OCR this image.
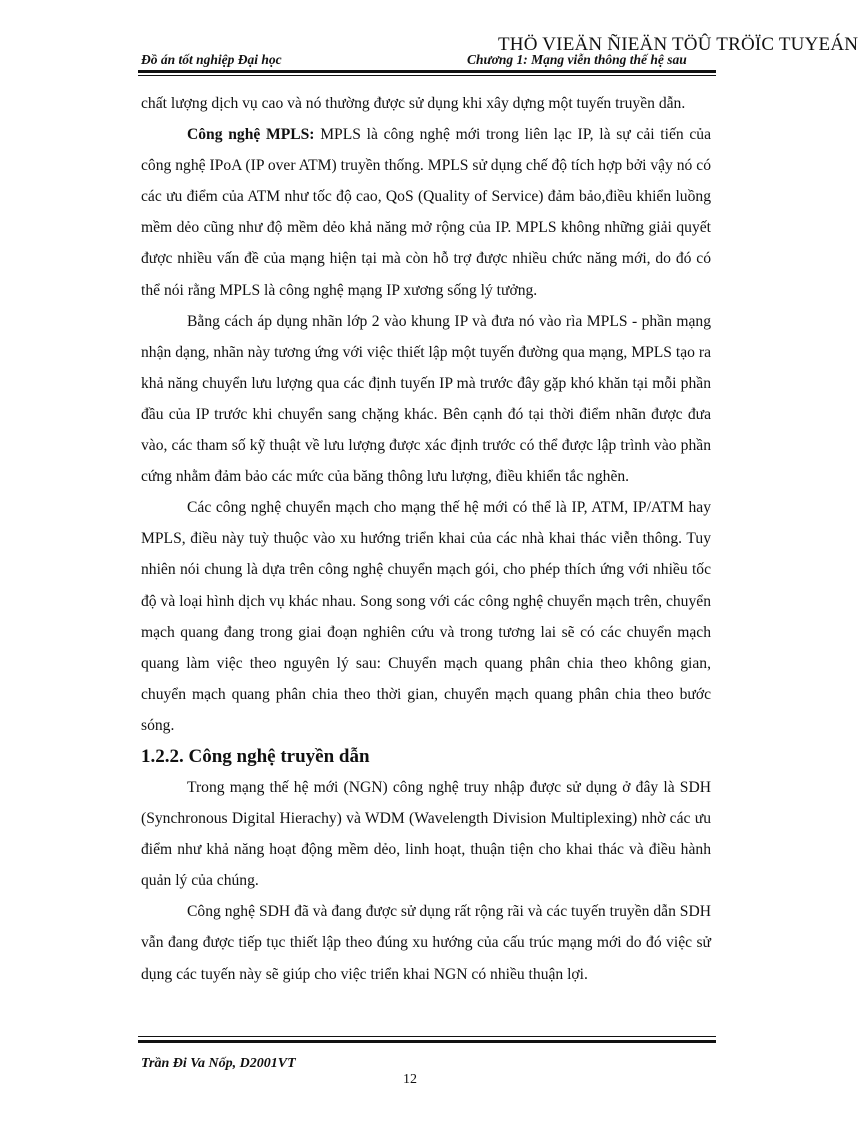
THÖ VIEÄN ÑIEÄN TÖÛ TRÖÏC TUYEÁN
Đồ án tốt nghiệp Đại học	Chương 1: Mạng viễn thông thế hệ sau

chất lượng dịch vụ cao và nó thường được sử dụng khi xây dựng một tuyến truyền dẫn.

Công nghệ MPLS: MPLS là công nghệ mới trong liên lạc IP, là sự cải tiến của công nghệ IPoA (IP over ATM) truyền thống. MPLS sử dụng chế độ tích hợp bởi vậy nó có các ưu điểm của ATM như tốc độ cao, QoS (Quality of Service) đảm bảo,điều khiển luồng mềm dẻo cũng như độ mềm dẻo khả năng mở rộng của IP. MPLS không những giải quyết được nhiều vấn đề của mạng hiện tại mà còn hỗ trợ được nhiều chức năng mới, do đó có thể nói rằng MPLS là công nghệ mạng IP xương sống lý tưởng.

Bằng cách áp dụng nhãn lớp 2 vào khung IP và đưa nó vào rìa MPLS - phần mạng nhận dạng, nhãn này tương ứng với việc thiết lập một tuyến đường qua mạng, MPLS tạo ra khả năng chuyển lưu lượng qua các định tuyến IP mà trước đây gặp khó khăn tại mỗi phần đầu của IP trước khi chuyển sang chặng khác. Bên cạnh đó tại thời điểm nhãn được đưa vào, các tham số kỹ thuật về lưu lượng được xác định trước có thể được lập trình vào phần cứng nhằm đảm bảo các mức của băng thông lưu lượng, điều khiển tắc nghẽn.

Các công nghệ chuyển mạch cho mạng thế hệ mới có thể là IP, ATM, IP/ATM hay MPLS, điều này tuỳ thuộc vào xu hướng triển khai của các nhà khai thác viễn thông. Tuy nhiên nói chung là dựa trên công nghệ chuyển mạch gói, cho phép thích ứng với nhiều tốc độ và loại hình dịch vụ khác nhau. Song song với các công nghệ chuyển mạch trên, chuyển mạch quang đang trong giai đoạn nghiên cứu và trong tương lai sẽ có các chuyển mạch quang làm việc theo nguyên lý sau: Chuyển mạch quang phân chia theo không gian, chuyển mạch quang phân chia theo thời gian, chuyển mạch quang phân chia theo bước sóng.

1.2.2. Công nghệ truyền dẫn

Trong mạng thế hệ mới (NGN) công nghệ truy nhập được sử dụng ở đây là SDH (Synchronous Digital Hierachy) và WDM (Wavelength Division Multiplexing) nhờ các ưu điểm như khả năng hoạt động mềm dẻo, linh hoạt, thuận tiện cho khai thác và điều hành quản lý của chúng.

Công nghệ SDH đã và đang được sử dụng rất rộng rãi và các tuyến truyền dẫn SDH vẫn đang được tiếp tục thiết lập theo đúng xu hướng của cấu trúc mạng mới do đó việc sử dụng các tuyến này sẽ giúp cho việc triển khai NGN có nhiều thuận lợi.

Trần Đi Va Nốp, D2001VT
12
